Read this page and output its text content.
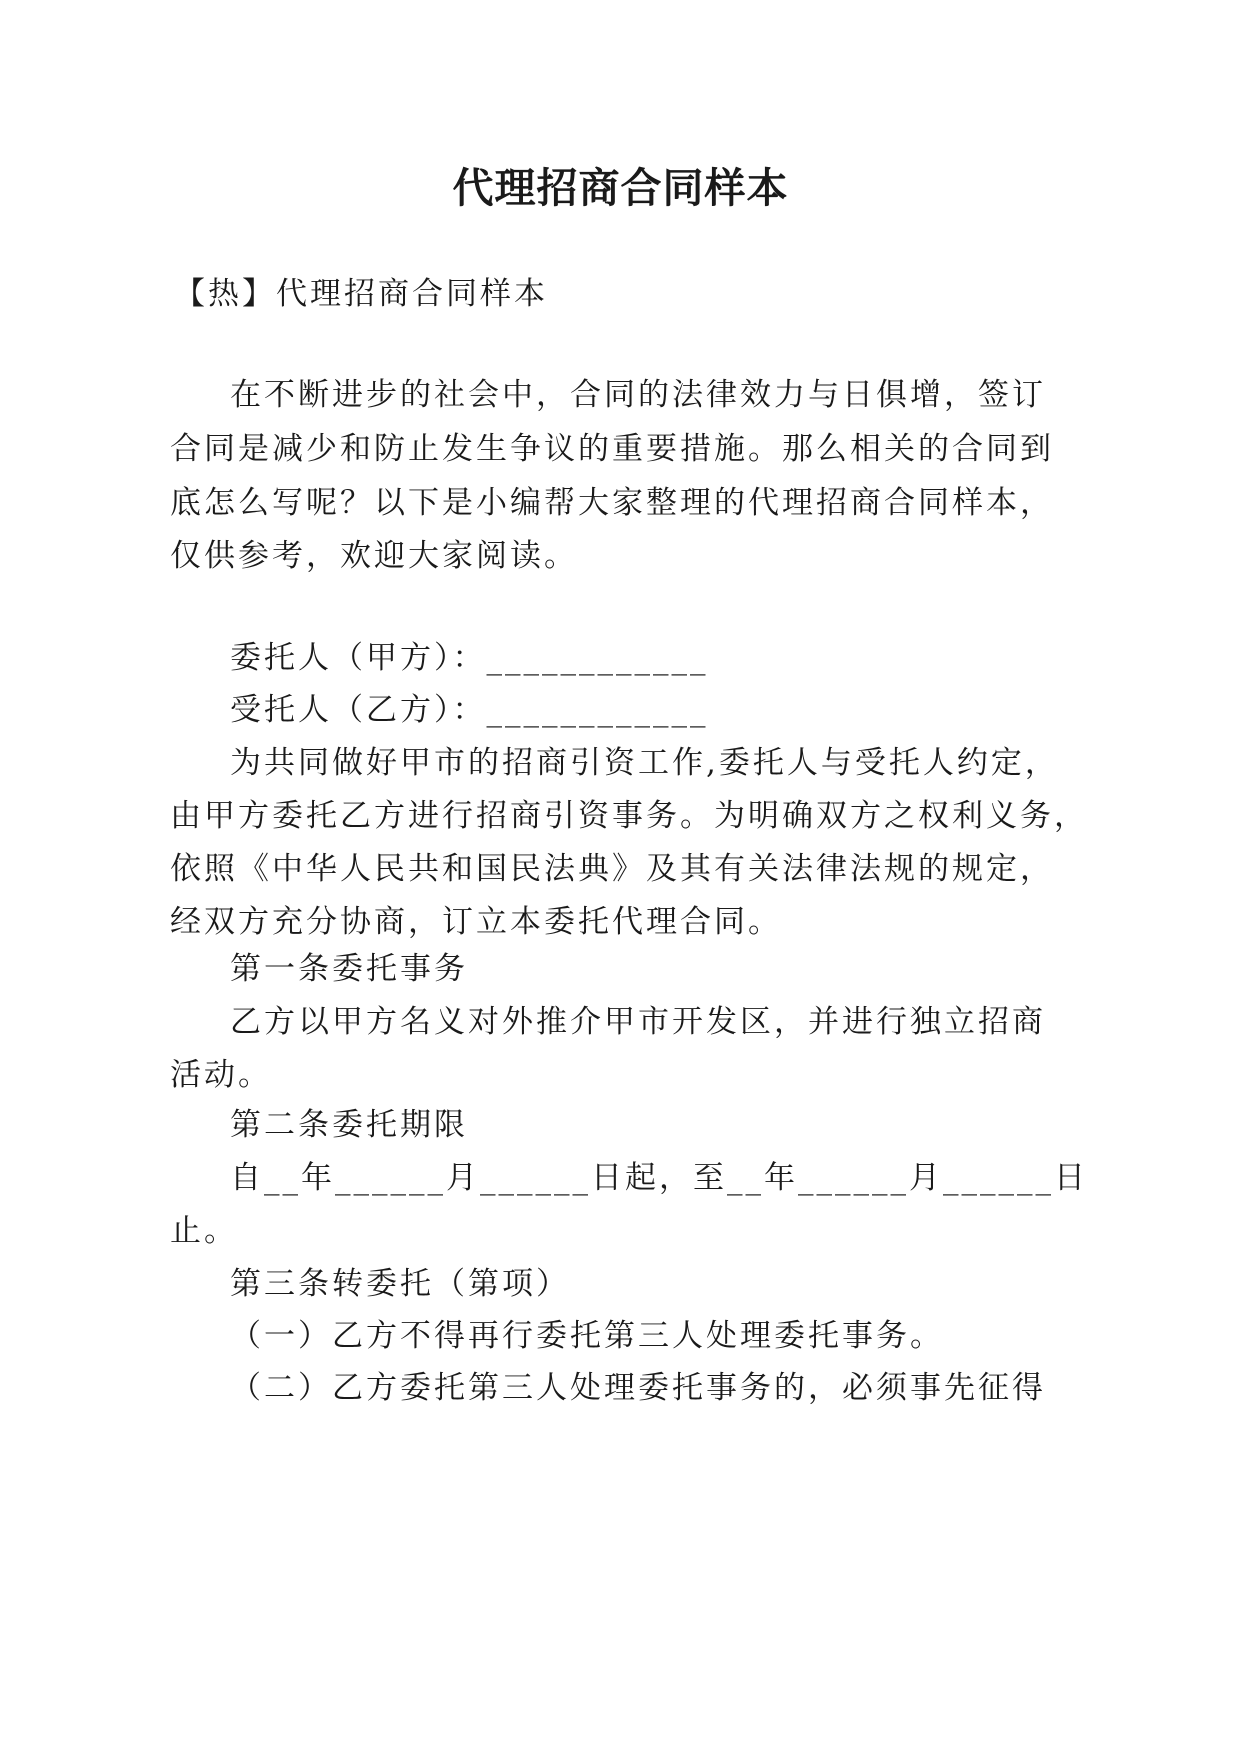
代理招商合同样本

【热】代理招商合同样本

在不断进步的社会中，合同的法律效力与日俱增，签订

合同是减少和防止发生争议的重要措施。那么相关的合同到

底怎么写呢？以下是小编帮大家整理的代理招商合同样本，

仅供参考，欢迎大家阅读。

委托人（甲方）：____________

受托人（乙方）：____________

为共同做好甲市的招商引资工作,委托人与受托人约定，

由甲方委托乙方进行招商引资事务。为明确双方之权利义务，

依照《中华人民共和国民法典》及其有关法律法规的规定，

经双方充分协商，订立本委托代理合同。

第一条委托事务

乙方以甲方名义对外推介甲市开发区，并进行独立招商

活动。

第二条委托期限

自__年______月______日起，至__年______月______日

止。

第三条转委托（第项）

（一）乙方不得再行委托第三人处理委托事务。

（二）乙方委托第三人处理委托事务的，必须事先征得
